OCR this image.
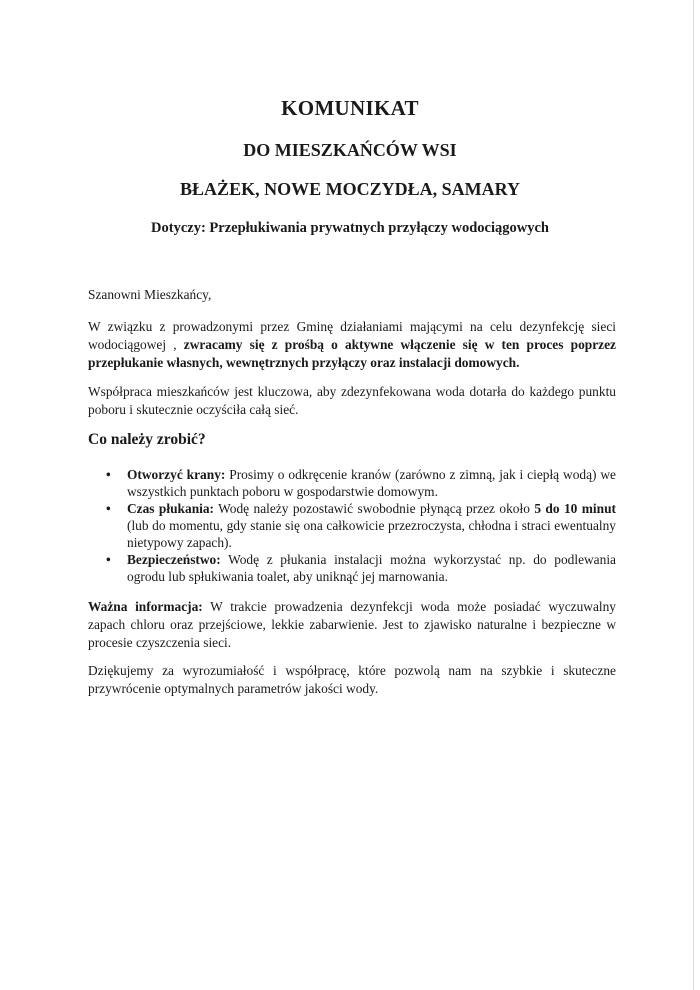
KOMUNIKAT
DO MIESZKAŃCÓW WSI
BŁAŻEK, NOWE MOCZYDŁA, SAMARY
Dotyczy: Przepłukiwania prywatnych przyłączy wodociągowych

Szanowni Mieszkańcy,

W związku z prowadzonymi przez Gminę działaniami mającymi na celu dezynfekcję sieci wodociągowej , zwracamy się z prośbą o aktywne włączenie się w ten proces poprzez przepłukanie własnych, wewnętrznych przyłączy oraz instalacji domowych.

Współpraca mieszkańców jest kluczowa, aby zdezynfekowana woda dotarła do każdego punktu poboru i skutecznie oczyściła całą sieć.

Co należy zrobić?
• Otworzyć krany: Prosimy o odkręcenie kranów (zarówno z zimną, jak i ciepłą wodą) we wszystkich punktach poboru w gospodarstwie domowym.
• Czas płukania: Wodę należy pozostawić swobodnie płynącą przez około 5 do 10 minut (lub do momentu, gdy stanie się ona całkowicie przezroczysta, chłodna i straci ewentualny nietypowy zapach).
• Bezpieczeństwo: Wodę z płukania instalacji można wykorzystać np. do podlewania ogrodu lub spłukiwania toalet, aby uniknąć jej marnowania.

Ważna informacja: W trakcie prowadzenia dezynfekcji woda może posiadać wyczuwalny zapach chloru oraz przejściowe, lekkie zabarwienie. Jest to zjawisko naturalne i bezpieczne w procesie czyszczenia sieci.

Dziękujemy za wyrozumiałość i współpracę, które pozwolą nam na szybkie i skuteczne przywrócenie optymalnych parametrów jakości wody.
